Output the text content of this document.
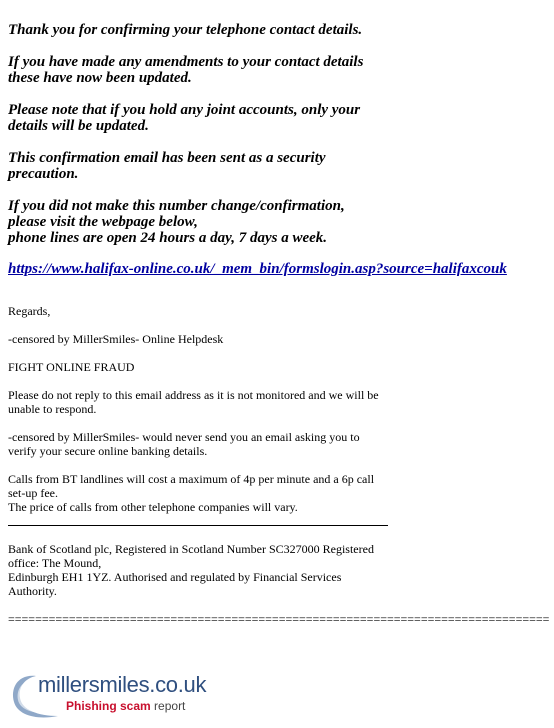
Thank you for confirming your telephone contact details.

If you have made any amendments to your contact details
these have now been updated.

Please note that if you hold any joint accounts, only your
details will be updated.

This confirmation email has been sent as a security
precaution.

If you did not make this number change/confirmation,
please visit the webpage below,
phone lines are open 24 hours a day, 7 days a week.

https://www.halifax-online.co.uk/_mem_bin/formslogin.asp?source=halifaxcouk

Regards,

-censored by MillerSmiles- Online Helpdesk

FIGHT ONLINE FRAUD

Please do not reply to this email address as it is not monitored and we will be
unable to respond.

-censored by MillerSmiles- would never send you an email asking you to
verify your secure online banking details.

Calls from BT landlines will cost a maximum of 4p per minute and a 6p call
set-up fee.
The price of calls from other telephone companies will vary.

Bank of Scotland plc, Registered in Scotland Number SC327000 Registered
office: The Mound,
Edinburgh EH1 1YZ. Authorised and regulated by Financial Services
Authority.

================================================================================

millersmiles.co.uk
Phishing scam report
